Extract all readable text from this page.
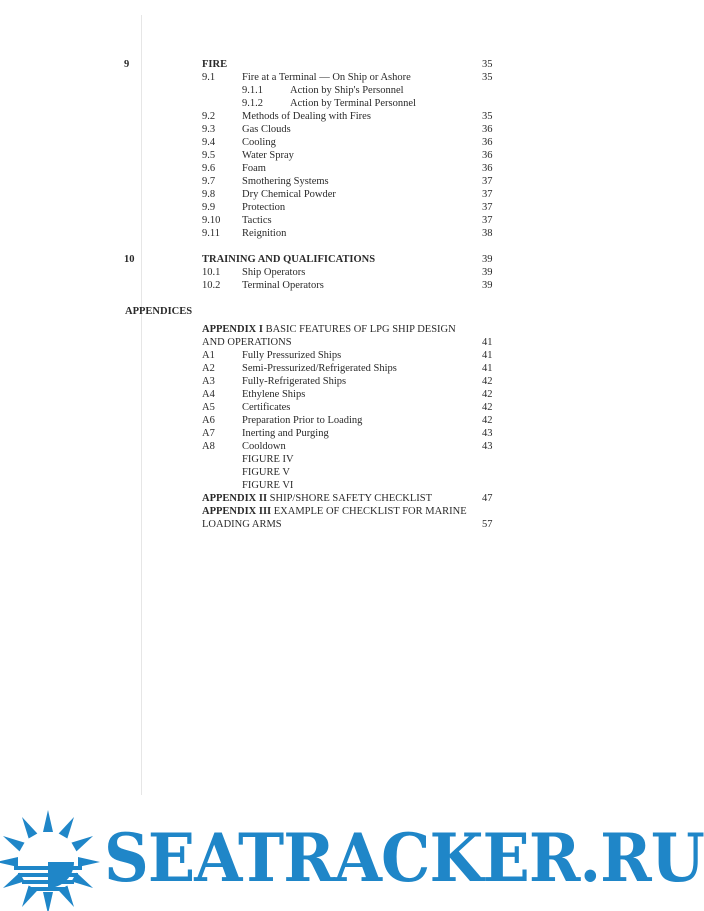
9	FIRE	35
9.1	Fire at a Terminal — On Ship or Ashore	35
9.1.1	Action by Ship's Personnel
9.1.2	Action by Terminal Personnel
9.2	Methods of Dealing with Fires	35
9.3	Gas Clouds	36
9.4	Cooling	36
9.5	Water Spray	36
9.6	Foam	36
9.7	Smothering Systems	37
9.8	Dry Chemical Powder	37
9.9	Protection	37
9.10 Tactics	37
9.11 Reignition	38
10	TRAINING AND QUALIFICATIONS	39
10.1 Ship Operators	39
10.2 Terminal Operators	39
APPENDICES
APPENDIX I BASIC FEATURES OF LPG SHIP DESIGN
AND OPERATIONS	41
A1	Fully Pressurized Ships	41
A2	Semi-Pressurized/Refrigerated Ships	41
A3	Fully-Refrigerated Ships	42
A4	Ethylene Ships	42
A5	Certificates	42
A6	Preparation Prior to Loading	42
A7	Inerting and Purging	43
A8	Cooldown	43
FIGURE IV
FIGURE V
FIGURE VI
APPENDIX II SHIP/SHORE SAFETY CHECKLIST	47
APPENDIX III EXAMPLE OF CHECKLIST FOR MARINE
LOADING ARMS	57
SEATRACKER.RU
